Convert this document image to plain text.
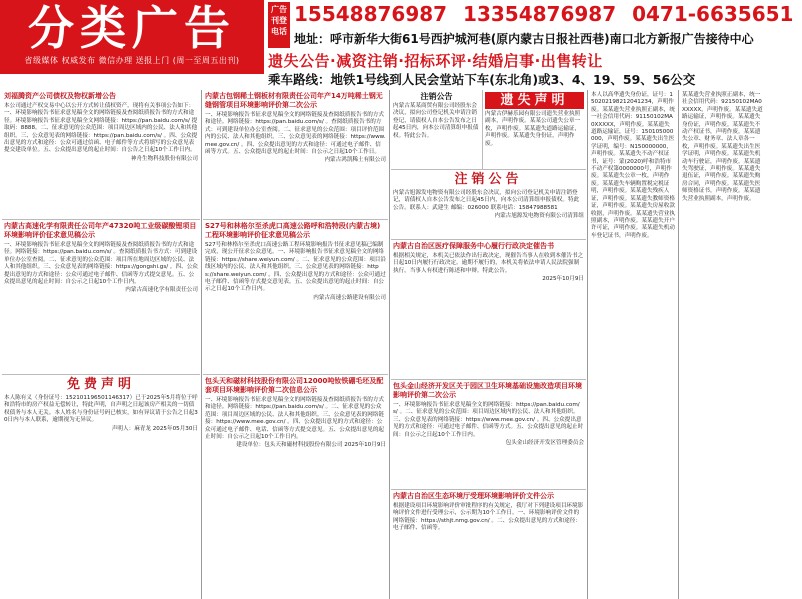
分类广告
省级媒体 权威发布 微信办理 送报上门 (周一至周五出刊)
广告刊登电话
15548876987 13354876987 0471-6635651
地址：呼市新华大街61号西护城河巷(原内蒙古日报社西巷)南口北方新报广告接待中心
遗失公告·减资注销·招标环评·结婚启事·出售转让
乘车路线：地铁1号线到人民会堂站下车(东北角)或3、4、19、59、56公交
刘福腾资产公司债权及物权新增公告
本公司通过产权交易中心以公开方式转让债权资产，现将有关事项公告如下：一、环境影响报告书征求意见稿全文的网络链接及查阅纸质报告书的方式和途径。环境影响报告书征求意见稿全文网络链接：https://pan.baidu.com/s/ 提取码：8888。二、征求意见的公众范围：项目周边区域内的公民、法人和其他组织。三、公众意见表的网络链接：https://pan.baidu.com/s/ 。四、公众提出意见的方式和途径：公众可通过信函、电子邮件等方式将填写的公众意见表提交建设单位。五、公众提出意见的起止时间：自公告之日起10个工作日内。
神舟生物科技股份有限公司
内蒙古高速化学有限责任公司年产47320吨工业级碳酸锂项目环境影响评价征求意见稿公示
一、环境影响报告书征求意见稿全文的网络链接及查阅纸质报告书的方式和途径。网络链接：https://pan.baidu.com/s/ 。查阅纸质报告书方式：可到建设单位办公室查阅。二、征求意见的公众范围：项目所在地周边区域的公民、法人和其他组织。三、公众意见表的网络链接：https://gongshi.gs/ 。四、公众提出意见的方式和途径：公众可通过电子邮件、信函等方式提交意见。五、公众提出意见的起止时间：自公示之日起10个工作日内。
内蒙古高速化学有限责任公司
免费声明
本人陈有义（身份证号：152101196501146317）已于2025年5月将位于呼和浩特市的房产权益无偿转让，特此声明，自声明之日起该房产相关的一切债权债务与本人无关。本人姓名与身份证号码已核实，如有异议请于公告之日起30日内与本人联系，逾期视为无异议。
声明人：麻青龙 2025年05月30日
内蒙古包钢稀土钢板材有限责任公司年产14万吨稀土钢无缝钢管项目环境影响评价第二次公示
一、环境影响报告书征求意见稿全文的网络链接及查阅纸质报告书的方式和途径。网络链接：https://pan.baidu.com/s/ 。查阅纸质报告书的方式：可到建设单位办公室查阅。二、征求意见的公众范围：项目评价范围内的公民、法人和其他组织。三、公众意见表的网络链接：https://www.mee.gov.cn/ 。四、公众提出意见的方式和途径：可通过电子邮件、信函等方式。五、公众提出意见的起止时间：自公示之日起10个工作日。
内蒙古鸿凯稀土有限公司
S27号和林格尔至杀虎口高速公路呼和浩特段(内蒙古境)工程环境影响评价征求意见稿公示
S27号和林格尔至杀虎口高速公路工程环境影响报告书征求意见稿已编制完成，现公开征求公众意见。一、环境影响报告书征求意见稿全文的网络链接：https://share.weiyun.com/ 。二、征求意见的公众范围：项目沿线区域内的公民、法人和其他组织。三、公众意见表的网络链接：https://share.weiyun.com/ 。四、公众提出意见的方式和途径：公众可通过电子邮件、信函等方式提交意见表。五、公众提出意见的起止时间：自公示之日起10个工作日内。
内蒙古高速公路建设有限公司
包头天和磁材科技股份有限公司12000吨钕铁硼毛坯及配套项目环境影响评价第二次信息公示
一、环境影响报告书征求意见稿全文的网络链接及查阅纸质报告书的方式和途径。网络链接：https://pan.baidu.com/s/ 。二、征求意见的公众范围：项目周边区域的公民、法人和其他组织。三、公众意见表的网络链接：https://www.mee.gov.cn/ 。四、公众提出意见的方式和途径：公众可通过电子邮件、电话、信函等方式提交意见。五、公众提出意见的起止时间：自公示之日起10个工作日内。
建设单位：包头天和磁材科技股份有限公司 2025年10月9日
注销公告
内蒙古某某商贸有限公司经股东会决议，拟向公司登记机关申请注销登记，请债权人自本公告发布之日起45日内，向本公司清算组申报债权。特此公告。
遗失声明
内蒙古伊赫乐园有限公司遗失营业执照副本，声明作废。某某公司遗失公章一枚，声明作废。某某遗失道路运输证，声明作废。某某遗失身份证，声明作废。
注销公告
内蒙古旭源发电物资有限公司经股东会决议，拟向公司登记机关申请注销登记，请债权人自本公告发布之日起45日内，向本公司清算组申报债权。特此公告。联系人：武建生 邮编：026000 联系电话：15847988581
内蒙古旭源发电物资有限公司清算组
内蒙古自治区医疗保障服务中心履行行政决定催告书
根据相关规定，本机关已依法作出行政决定，现催告当事人在收到本催告书之日起10日内履行行政决定。逾期不履行的，本机关将依法申请人民法院强制执行。当事人有权进行陈述和申辩。特此公告。
2025年10月9日
包头金山经济开发区关于园区卫生环境基础设施改造项目环境影响评价第二次公示
一、环境影响报告书征求意见稿全文的网络链接：https://pan.baidu.com/s/ 。二、征求意见的公众范围：项目周边区域内的公民、法人和其他组织。三、公众意见表的网络链接：https://www.mee.gov.cn/ 。四、公众提出意见的方式和途径：可通过电子邮件、信函等方式。五、公众提出意见的起止时间：自公示之日起10个工作日内。
包头金山经济开发区管理委员会
内蒙古自治区生态环境厅受理环境影响评价文件公示
根据建设项目环境影响评价审批程序的有关规定，我厅对下列建设项目环境影响评价文件进行受理公示，公示期为10个工作日。一、环境影响评价文件的网络链接：https://sthjt.nmg.gov.cn/ 。二、公众提出意见的方式和途径：电子邮件、信函等。
本人以高华遗失身份证，证号：150202198212041234，声明作废。某某遗失营业执照正副本，统一社会信用代码：91150102MA0XXXXX，声明作废。某某遗失道路运输证，证号：150105000000，声明作废。某某遗失出生医学证明，编号：N150000000，声明作废。某某遗失不动产权证书，证号：蒙(2020)呼和浩特市不动产权第0000000号，声明作废。某某遗失公章一枚，声明作废。某某遗失车辆购置税完税证明，声明作废。某某遗失残疾人证，声明作废。某某遗失教师资格证，声明作废。某某遗失房屋收款收据，声明作废。某某遗失营业执照副本，声明作废。某某遗失开户许可证，声明作废。某某遗失机动车登记证书，声明作废。
某某遗失营业执照正副本，统一社会信用代码：92150102MA0XXXXX，声明作废。某某遗失道路运输证，声明作废。某某遗失身份证，声明作废。某某遗失不动产权证书，声明作废。某某遗失公章、财务章、法人章各一枚，声明作废。某某遗失出生医学证明，声明作废。某某遗失机动车行驶证，声明作废。某某遗失驾驶证，声明作废。某某遗失退伍证，声明作废。某某遗失购房合同，声明作废。某某遗失医师资格证书，声明作废。某某遗失营业执照副本，声明作废。
